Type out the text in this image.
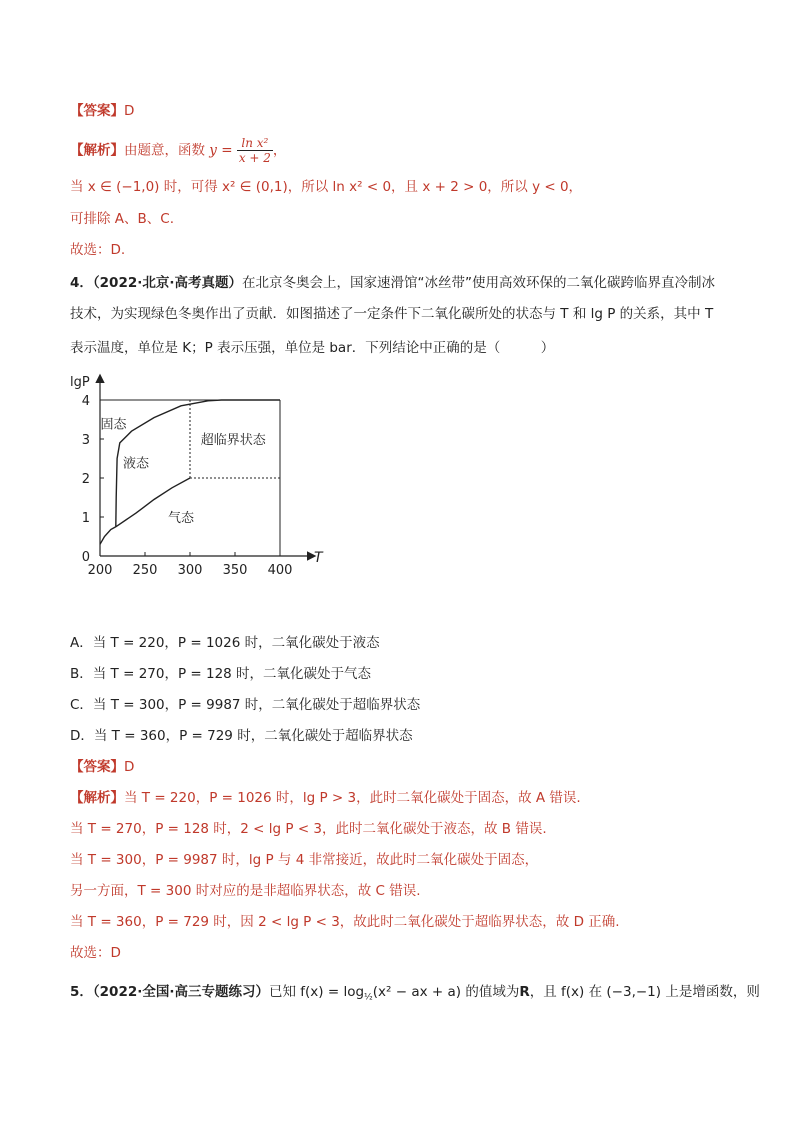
【答案】D
【解析】由题意，函数 $y = \frac{\text{ln x²}}{x + 2}$ ，
当 x ∈ (−1,0) 时，可得 x² ∈ (0,1)，所以 ln x² < 0，且 x + 2 > 0，所以 y < 0，
可排除 A、B、C.
故选：D.
4．（2022·北京·高考真题）在北京冬奥会上，国家速滑馆“冰丝带”使用高效环保的二氧化碳跨临界直冷制冰
技术，为实现绿色冬奥作出了贡献．如图描述了一定条件下二氧化碳所处的状态与 T 和 lg P 的关系，其中 T
表示温度，单位是 K；P 表示压强，单位是 bar．下列结论中正确的是（　　　）
200 250 300 350 400
0
1
2
3
4
T
lgP
固态
液态
超临界状态
气态
A．当 T = 220，P = 1026 时，二氧化碳处于液态
B．当 T = 270，P = 128 时，二氧化碳处于气态
C．当 T = 300，P = 9987 时，二氧化碳处于超临界状态
D．当 T = 360，P = 729 时，二氧化碳处于超临界状态
【答案】D
【解析】当 T = 220，P = 1026 时，lg P > 3，此时二氧化碳处于固态，故 A 错误.
当 T = 270，P = 128 时，2 < lg P < 3，此时二氧化碳处于液态，故 B 错误.
当 T = 300，P = 9987 时，lg P 与 4 非常接近，故此时二氧化碳处于固态，
另一方面，T = 300 时对应的是非超临界状态，故 C 错误.
当 T = 360，P = 729 时，因 2 < lg P < 3，故此时二氧化碳处于超临界状态，故 D 正确.
故选：D
5．（2022·全国·高三专题练习）已知 $f(x) = \log_{\frac{1}{2}}(x^2$ − ax + a) 的值域为R，且 f(x) 在 (−3,−1) 上是增函数，则
